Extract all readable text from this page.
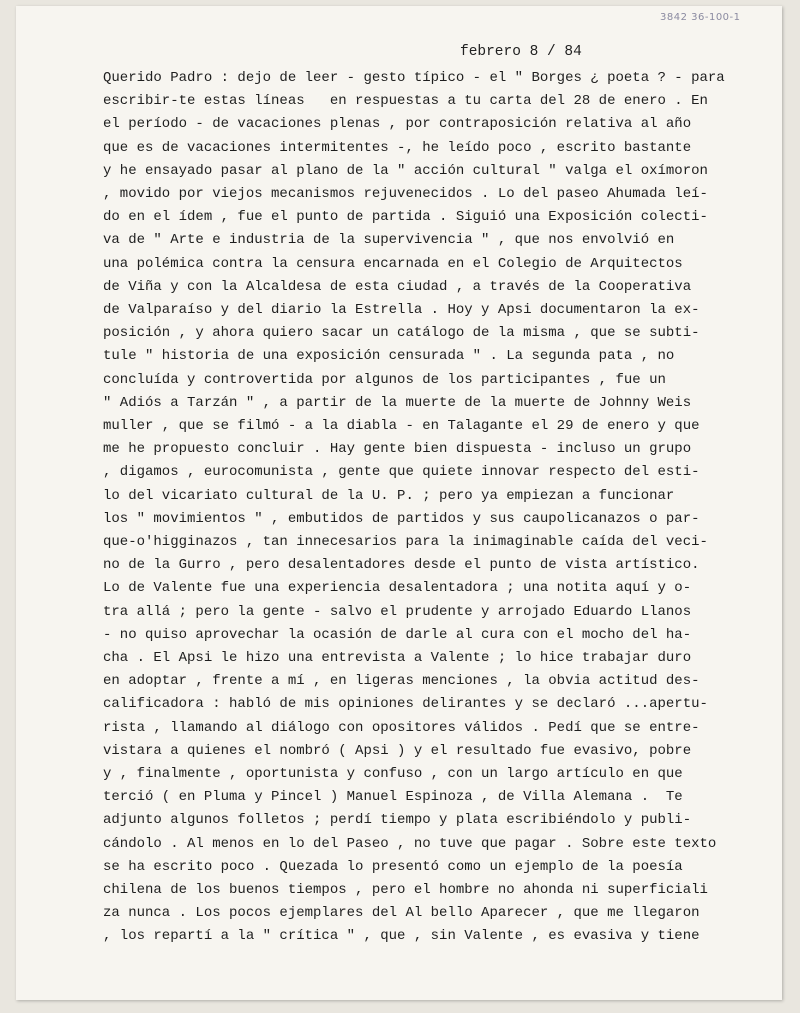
3842 36-100-1
febrero 8 / 84
Querido Padro : dejo de leer - gesto típico - el " Borges ¿ poeta ? - para
escribir-te estas líneas   en respuestas a tu carta del 28 de enero . En
el período - de vacaciones plenas , por contraposición relativa al año
que es de vacaciones intermitentes -, he leído poco , escrito bastante
y he ensayado pasar al plano de la " acción cultural " valga el oxímoron
, movido por viejos mecanismos rejuvenecidos . Lo del paseo Ahumada leí-
do en el ídem , fue el punto de partida . Siguió una Exposición colecti-
va de " Arte e industria de la supervivencia " , que nos envolvió en
una polémica contra la censura encarnada en el Colegio de Arquitectos
de Viña y con la Alcaldesa de esta ciudad , a través de la Cooperativa
de Valparaíso y del diario la Estrella . Hoy y Apsi documentaron la ex-
posición , y ahora quiero sacar un catálogo de la misma , que se subti-
tule " historia de una exposición censurada " . La segunda pata , no
concluída y controvertida por algunos de los participantes , fue un
" Adiós a Tarzán " , a partir de la muerte de la muerte de Johnny Weis
muller , que se filmó - a la diabla - en Talagante el 29 de enero y que
me he propuesto concluir . Hay gente bien dispuesta - incluso un grupo
, digamos , eurocomunista , gente que quiete innovar respecto del esti-
lo del vicariato cultural de la U. P. ; pero ya empiezan a funcionar
los " movimientos " , embutidos de partidos y sus caupolicanazos o par-
que-o'higginazos , tan innecesarios para la inimaginable caída del veci-
no de la Gurro , pero desalentadores desde el punto de vista artístico.
Lo de Valente fue una experiencia desalentadora ; una notita aquí y o-
tra allá ; pero la gente - salvo el prudente y arrojado Eduardo Llanos
- no quiso aprovechar la ocasión de darle al cura con el mocho del ha-
cha . El Apsi le hizo una entrevista a Valente ; lo hice trabajar duro
en adoptar , frente a mí , en ligeras menciones , la obvia actitud des-
calificadora : habló de mis opiniones delirantes y se declaró ...apertu-
rista , llamando al diálogo con opositores válidos . Pedí que se entre-
vistara a quienes el nombró ( Apsi ) y el resultado fue evasivo, pobre
y , finalmente , oportunista y confuso , con un largo artículo en que
terció ( en Pluma y Pincel ) Manuel Espinoza , de Villa Alemana .  Te
adjunto algunos folletos ; perdí tiempo y plata escribiéndolo y publi-
cándolo . Al menos en lo del Paseo , no tuve que pagar . Sobre este texto
se ha escrito poco . Quezada lo presentó como un ejemplo de la poesía
chilena de los buenos tiempos , pero el hombre no ahonda ni superficiali
za nunca . Los pocos ejemplares del Al bello Aparecer , que me llegaron
, los repartí a la " crítica " , que , sin Valente , es evasiva y tiene
